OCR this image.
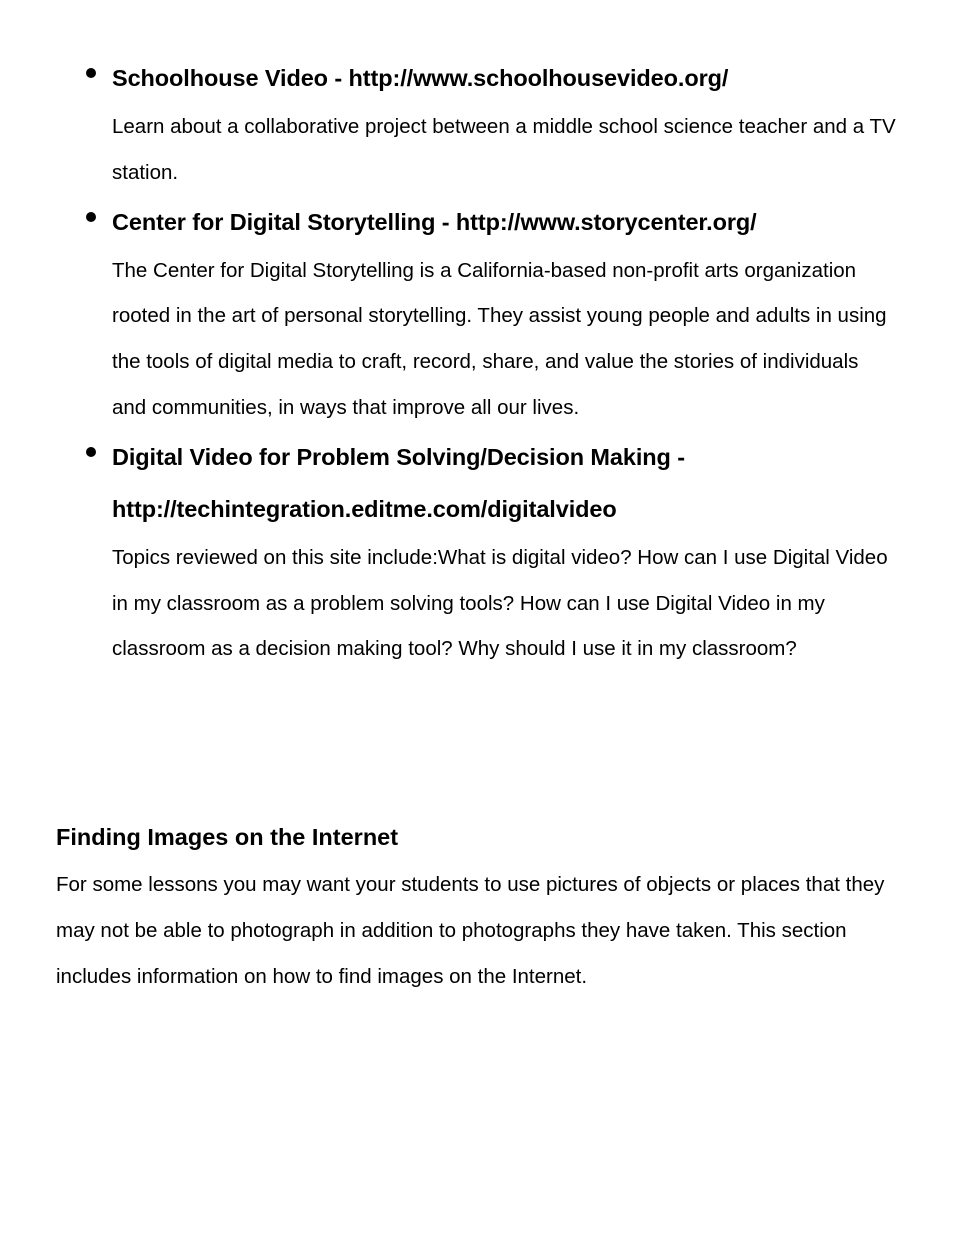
Schoolhouse Video - http://www.schoolhousevideo.org/

Learn about a collaborative project between a middle school science teacher and a TV station.

Center for Digital Storytelling - http://www.storycenter.org/

The Center for Digital Storytelling is a California-based non-profit arts organization rooted in the art of personal storytelling. They assist young people and adults in using the tools of digital media to craft, record, share, and value the stories of individuals and communities, in ways that improve all our lives.

Digital Video for Problem Solving/Decision Making -
http://techintegration.editme.com/digitalvideo

Topics reviewed on this site include:What is digital video? How can I use Digital Video in my classroom as a problem solving tools? How can I use Digital Video in my classroom as a decision making tool? Why should I use it in my classroom?

Finding Images on the Internet

For some lessons you may want your students to use pictures of objects or places that they may not be able to photograph in addition to photographs they have taken. This section includes information on how to find images on the Internet.
